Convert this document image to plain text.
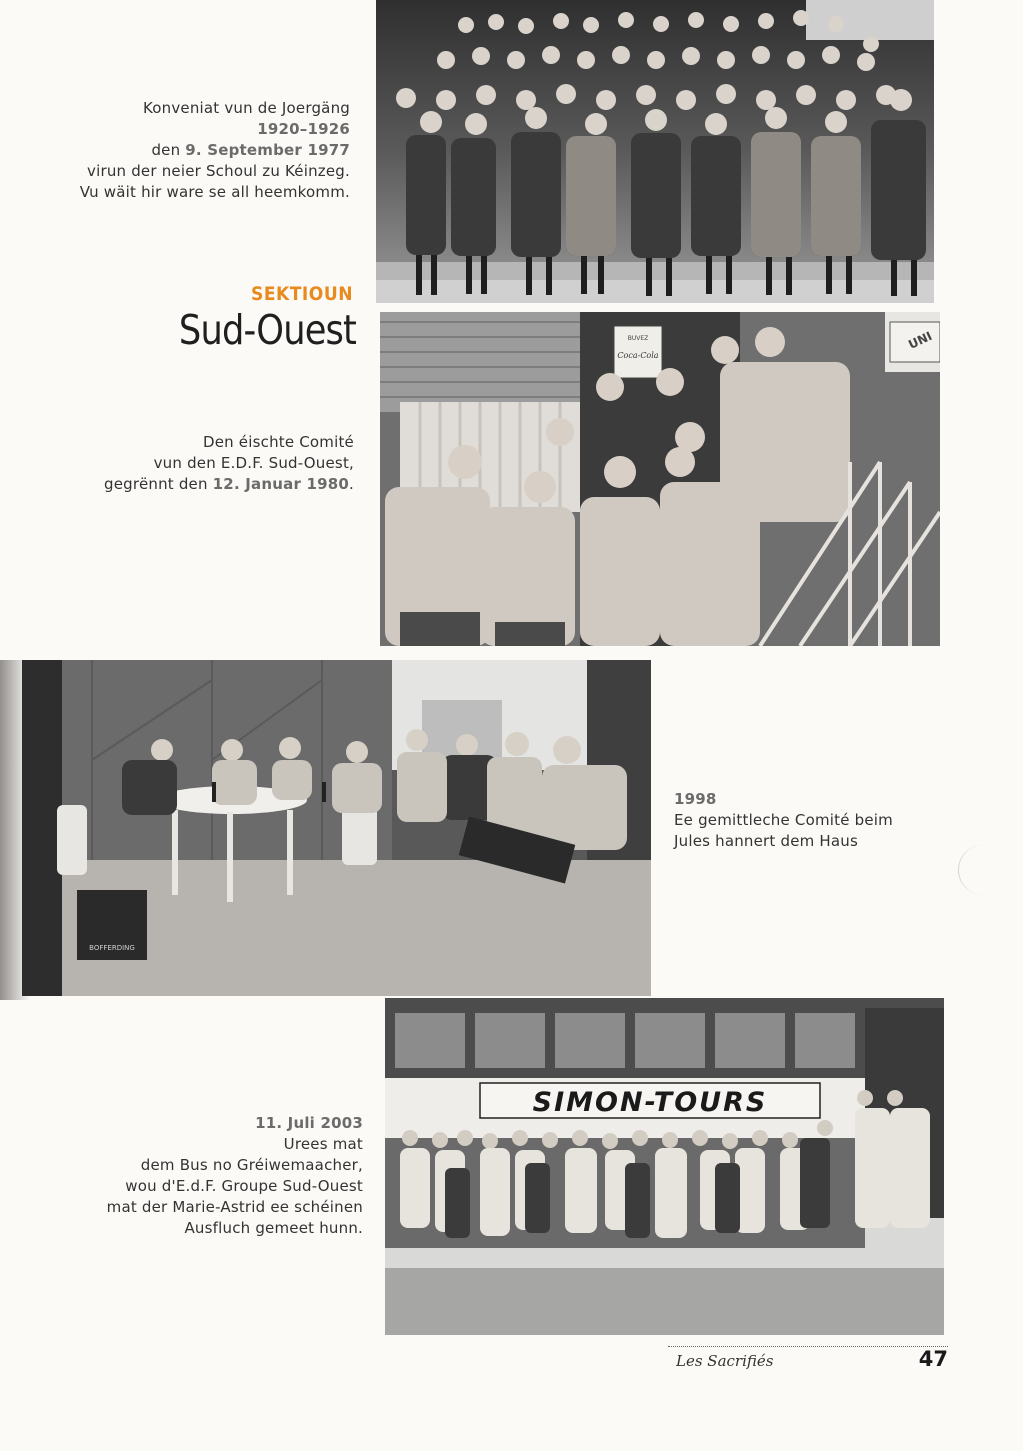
Konveniat vun de Joergäng
1920–1926
den 9. September 1977
virun der neier Schoul zu Kéinzeg.
Vu wäit hir ware se all heemkomm.
SEKTIOUN
Sud-Ouest
Den éischte Comité
vun den E.D.F. Sud-Ouest,
gegrënnt den 12. Januar 1980.
1998
Ee gemittleche Comité beim
Jules hannert dem Haus
11. Juli 2003
Urees mat
dem Bus no Gréiwemaacher,
wou d'E.d.F. Groupe Sud-Ouest
mat der Marie-Astrid ee schéinen
Ausfluch gemeet hunn.
UNI
BUVEZ
Coca-Cola
BOFFERDING
SIMON-TOURS
Les Sacrifiés	47
